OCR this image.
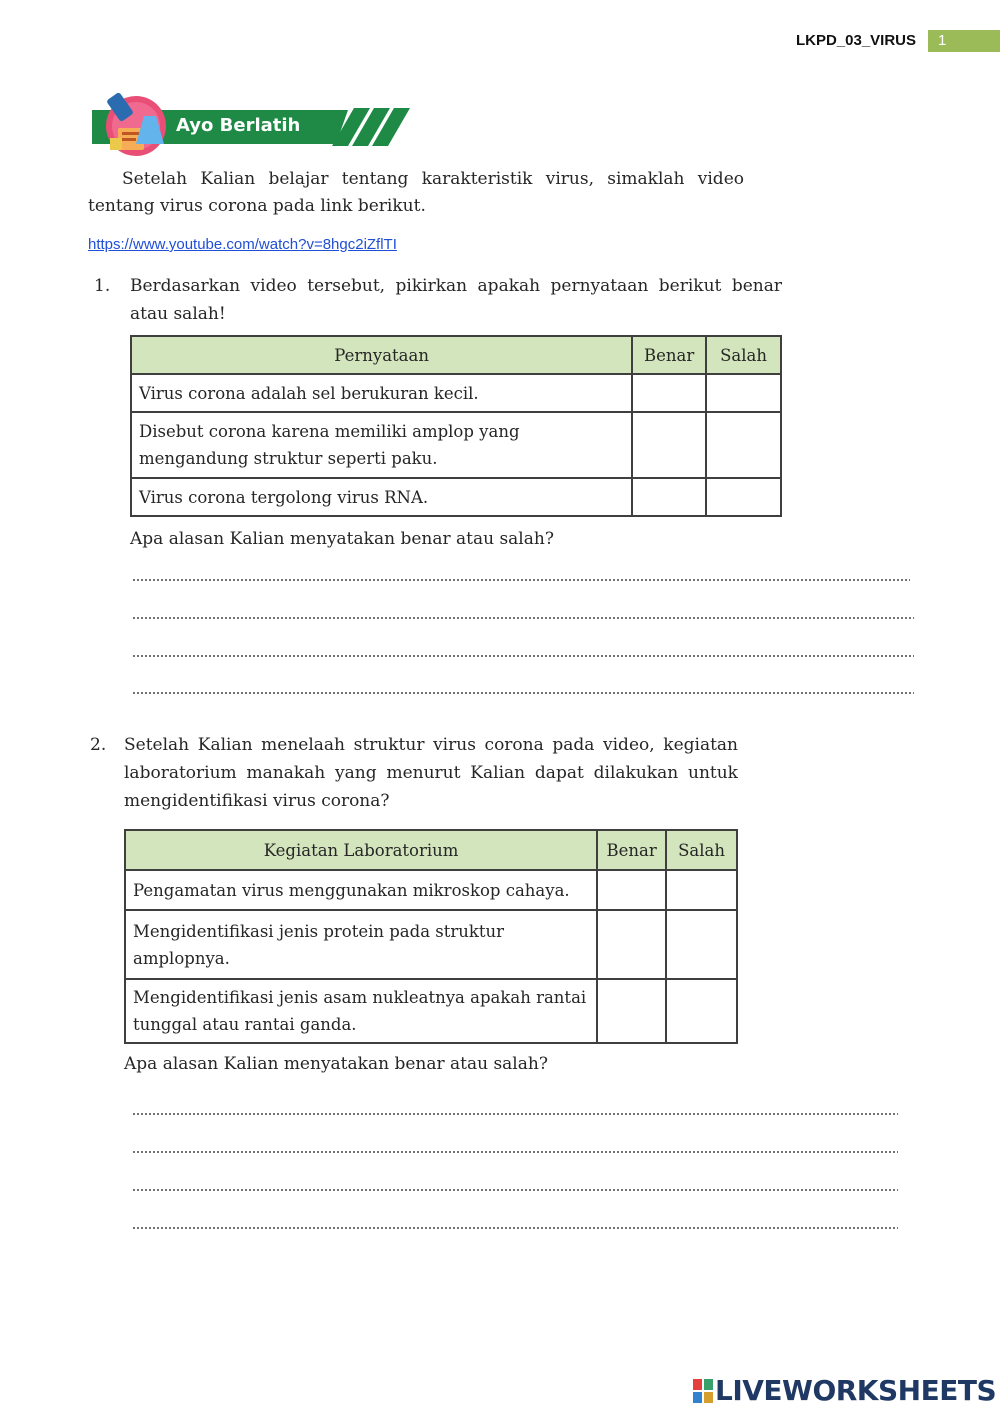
LKPD_03_VIRUS	1
Ayo Berlatih
Setelah Kalian belajar tentang karakteristik virus, simaklah video tentang virus corona pada link berikut.
https://www.youtube.com/watch?v=8hgc2iZflTI
1. Berdasarkan video tersebut, pikirkan apakah pernyataan berikut benar atau salah!
Pernyataan	Benar	Salah
Virus corona adalah sel berukuran kecil.		
Disebut corona karena memiliki amplop yang mengandung struktur seperti paku.		
Virus corona tergolong virus RNA.		
Apa alasan Kalian menyatakan benar atau salah?
2. Setelah Kalian menelaah struktur virus corona pada video, kegiatan laboratorium manakah yang menurut Kalian dapat dilakukan untuk mengidentifikasi virus corona?
Kegiatan Laboratorium	Benar	Salah
Pengamatan virus menggunakan mikroskop cahaya.		
Mengidentifikasi jenis protein pada struktur amplopnya.		
Mengidentifikasi jenis asam nukleatnya apakah rantai tunggal atau rantai ganda.		
Apa alasan Kalian menyatakan benar atau salah?
LIVEWORKSHEETS
